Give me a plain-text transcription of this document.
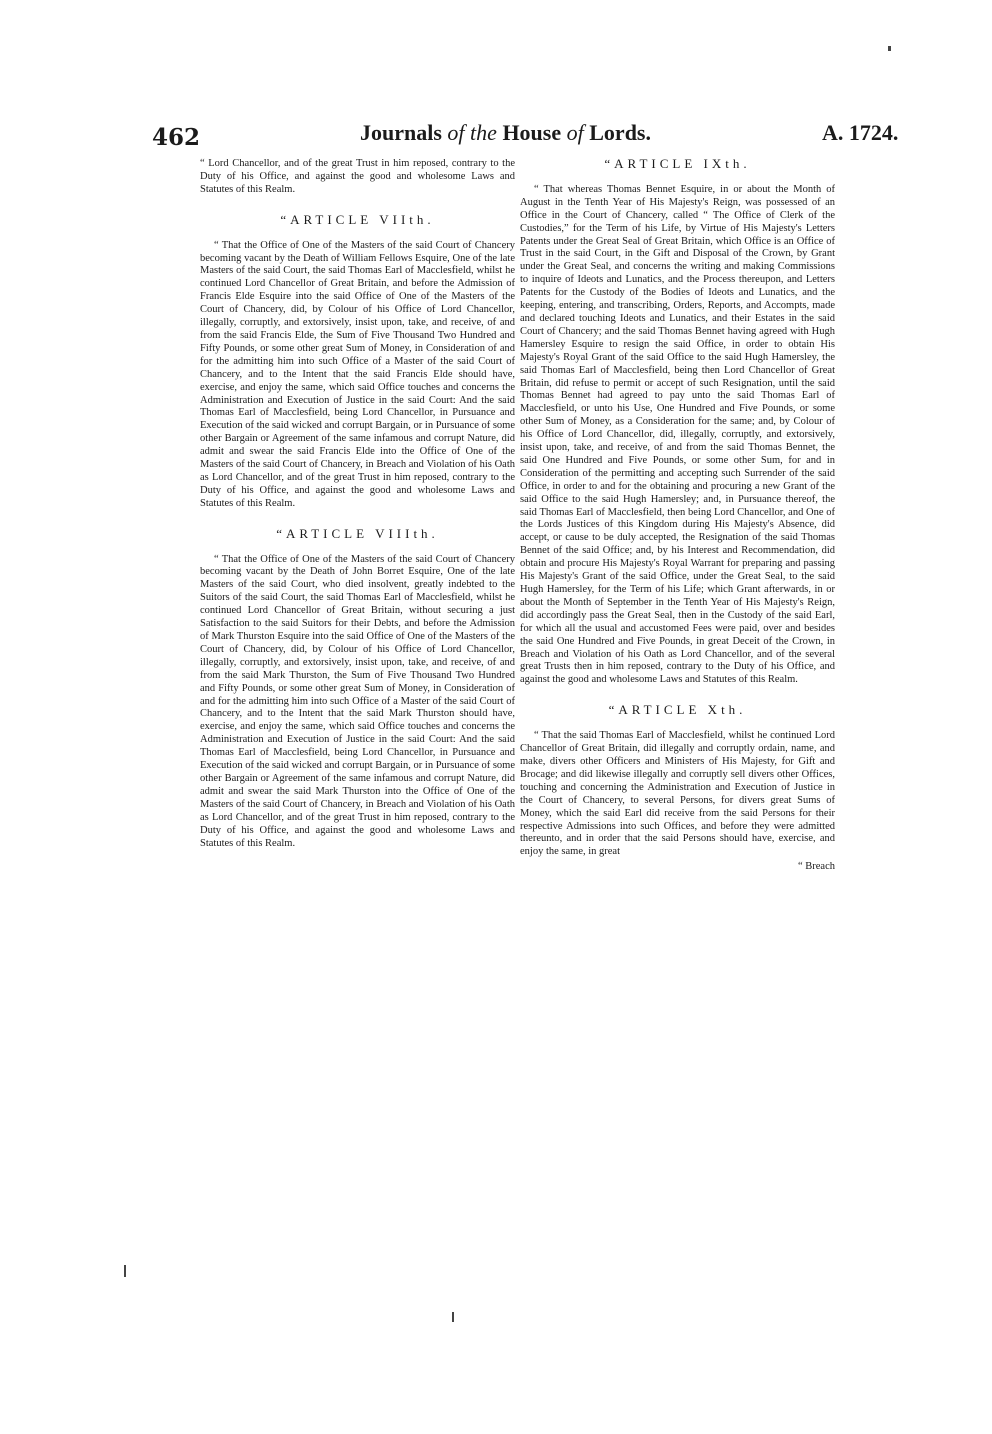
462	Journals of the House of Lords.	A. 1724.

“ Lord Chancellor, and of the great Trust in him reposed, contrary to the Duty of his Office, and against the good and wholesome Laws and Statutes of this Realm.

“ARTICLE VIIth.

“ That the Office of One of the Masters of the said Court of Chancery becoming vacant by the Death of William Fellows Esquire, One of the late Masters of the said Court, the said Thomas Earl of Macclesfield, whilst he continued Lord Chancellor of Great Britain, and before the Admission of Francis Elde Esquire into the said Office of One of the Masters of the Court of Chancery, did, by Colour of his Office of Lord Chancellor, illegally, corruptly, and extorsively, insist upon, take, and receive, of and from the said Francis Elde, the Sum of Five Thousand Two Hundred and Fifty Pounds, or some other great Sum of Money, in Consideration of and for the admitting him into such Office of a Master of the said Court of Chancery, and to the Intent that the said Francis Elde should have, exercise, and enjoy the same, which said Office touches and concerns the Administration and Execution of Justice in the said Court: And the said Thomas Earl of Macclesfield, being Lord Chancellor, in Pursuance and Execution of the said wicked and corrupt Bargain, or in Pursuance of some other Bargain or Agreement of the same infamous and corrupt Nature, did admit and swear the said Francis Elde into the Office of One of the Masters of the said Court of Chancery, in Breach and Violation of his Oath as Lord Chancellor, and of the great Trust in him reposed, contrary to the Duty of his Office, and against the good and wholesome Laws and Statutes of this Realm.

“ARTICLE VIIIth.

“ That the Office of One of the Masters of the said Court of Chancery becoming vacant by the Death of John Borret Esquire, One of the late Masters of the said Court, who died insolvent, greatly indebted to the Suitors of the said Court, the said Thomas Earl of Macclesfield, whilst he continued Lord Chancellor of Great Britain, without securing a just Satisfaction to the said Suitors for their Debts, and before the Admission of Mark Thurston Esquire into the said Office of One of the Masters of the Court of Chancery, did, by Colour of his Office of Lord Chancellor, illegally, corruptly, and extorsively, insist upon, take, and receive, of and from the said Mark Thurston, the Sum of Five Thousand Two Hundred and Fifty Pounds, or some other great Sum of Money, in Consideration of and for the admitting him into such Office of a Master of the said Court of Chancery, and to the Intent that the said Mark Thurston should have, exercise, and enjoy the same, which said Office touches and concerns the Administration and Execution of Justice in the said Court: And the said Thomas Earl of Macclesfield, being Lord Chancellor, in Pursuance and Execution of the said wicked and corrupt Bargain, or in Pursuance of some other Bargain or Agreement of the same infamous and corrupt Nature, did admit and swear the said Mark Thurston into the Office of One of the Masters of the said Court of Chancery, in Breach and Violation of his Oath as Lord Chancellor, and of the great Trust in him reposed, contrary to the Duty of his Office, and against the good and wholesome Laws and Statutes of this Realm.

“ARTICLE IXth.

“ That whereas Thomas Bennet Esquire, in or about the Month of August in the Tenth Year of His Majesty's Reign, was possessed of an Office in the Court of Chancery, called “ The Office of Clerk of the Custodies,” for the Term of his Life, by Virtue of His Majesty's Letters Patents under the Great Seal of Great Britain, which Office is an Office of Trust in the said Court, in the Gift and Disposal of the Crown, by Grant under the Great Seal, and concerns the writing and making Commissions to inquire of Ideots and Lunatics, and the Process thereupon, and Letters Patents for the Custody of the Bodies of Ideots and Lunatics, and the keeping, entering, and transcribing, Orders, Reports, and Accompts, made and declared touching Ideots and Lunatics, and their Estates in the said Court of Chancery; and the said Thomas Bennet having agreed with Hugh Hamersley Esquire to resign the said Office, in order to obtain His Majesty's Royal Grant of the said Office to the said Hugh Hamersley, the said Thomas Earl of Macclesfield, being then Lord Chancellor of Great Britain, did refuse to permit or accept of such Resignation, until the said Thomas Bennet had agreed to pay unto the said Thomas Earl of Macclesfield, or unto his Use, One Hundred and Five Pounds, or some other Sum of Money, as a Consideration for the same; and, by Colour of his Office of Lord Chancellor, did, illegally, corruptly, and extorsively, insist upon, take, and receive, of and from the said Thomas Bennet, the said One Hundred and Five Pounds, or some other Sum, for and in Consideration of the permitting and accepting such Surrender of the said Office, in order to and for the obtaining and procuring a new Grant of the said Office to the said Hugh Hamersley; and, in Pursuance thereof, the said Thomas Earl of Macclesfield, then being Lord Chancellor, and One of the Lords Justices of this Kingdom during His Majesty's Absence, did accept, or cause to be duly accepted, the Resignation of the said Thomas Bennet of the said Office; and, by his Interest and Recommendation, did obtain and procure His Majesty's Royal Warrant for preparing and passing His Majesty's Grant of the said Office, under the Great Seal, to the said Hugh Hamersley, for the Term of his Life; which Grant afterwards, in or about the Month of September in the Tenth Year of His Majesty's Reign, did accordingly pass the Great Seal, then in the Custody of the said Earl, for which all the usual and accustomed Fees were paid, over and besides the said One Hundred and Five Pounds, in great Deceit of the Crown, in Breach and Violation of his Oath as Lord Chancellor, and of the several great Trusts then in him reposed, contrary to the Duty of his Office, and against the good and wholesome Laws and Statutes of this Realm.

“ARTICLE Xth.

“ That the said Thomas Earl of Macclesfield, whilst he continued Lord Chancellor of Great Britain, did illegally and corruptly ordain, name, and make, divers other Officers and Ministers of His Majesty, for Gift and Brocage; and did likewise illegally and corruptly sell divers other Offices, touching and concerning the Administration and Execution of Justice in the Court of Chancery, to several Persons, for divers great Sums of Money, which the said Earl did receive from the said Persons for their respective Admissions into such Offices, and before they were admitted thereunto, and in order that the said Persons should have, exercise, and enjoy the same, in great

“ Breach
